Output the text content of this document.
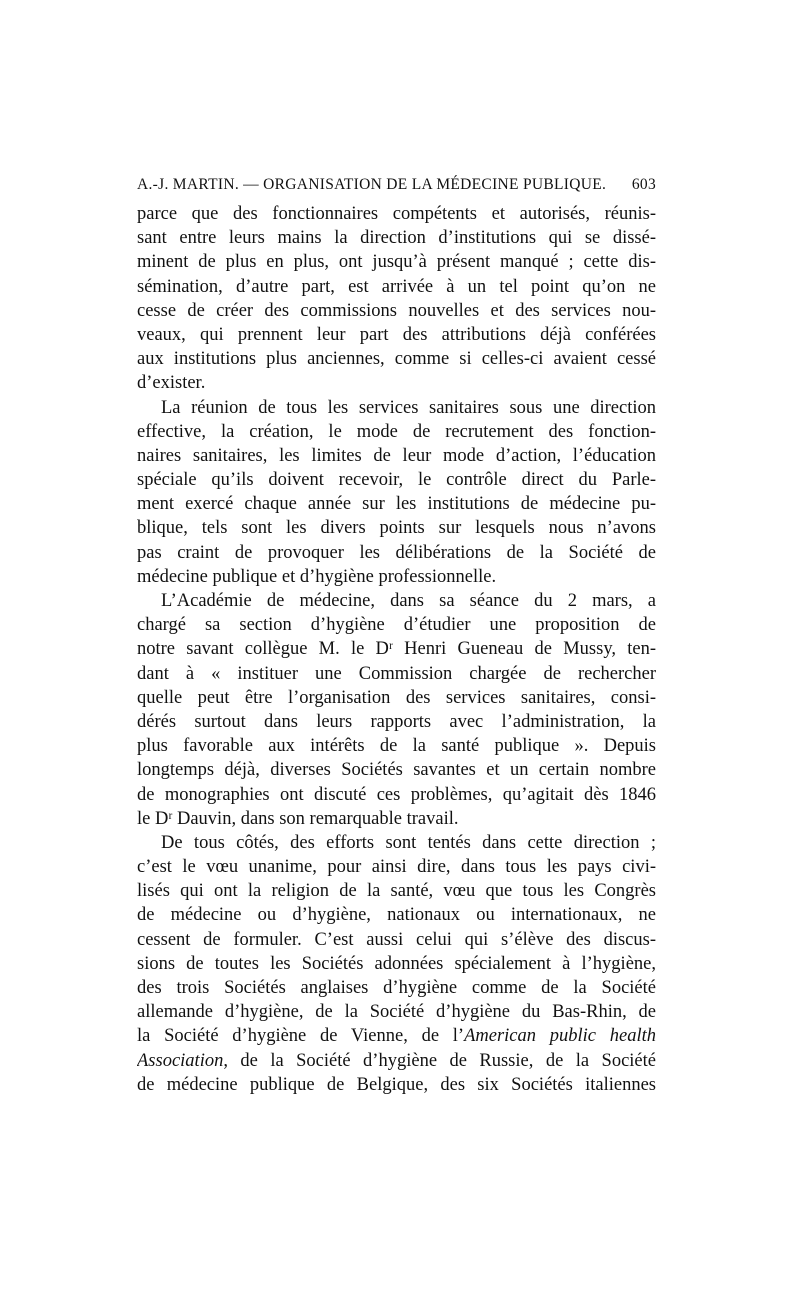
A.-J. MARTIN. — ORGANISATION DE LA MÉDECINE PUBLIQUE. 603
parce que des fonctionnaires compétents et autorisés, réunis-
sant entre leurs mains la direction d’institutions qui se dissé-
minent de plus en plus, ont jusqu’à présent manqué ; cette dis-
sémination, d’autre part, est arrivée à un tel point qu’on ne
cesse de créer des commissions nouvelles et des services nou-
veaux, qui prennent leur part des attributions déjà conférées
aux institutions plus anciennes, comme si celles-ci avaient cessé
d’exister.
La réunion de tous les services sanitaires sous une direction
effective, la création, le mode de recrutement des fonction-
naires sanitaires, les limites de leur mode d’action, l’éducation
spéciale qu’ils doivent recevoir, le contrôle direct du Parle-
ment exercé chaque année sur les institutions de médecine pu-
blique, tels sont les divers points sur lesquels nous n’avons
pas craint de provoquer les délibérations de la Société de
médecine publique et d’hygiène professionnelle.
L’Académie de médecine, dans sa séance du 2 mars, a
chargé sa section d’hygiène d’étudier une proposition de
notre savant collègue M. le Dʳ Henri Gueneau de Mussy, ten-
dant à « instituer une Commission chargée de rechercher
quelle peut être l’organisation des services sanitaires, consi-
dérés surtout dans leurs rapports avec l’administration, la
plus favorable aux intérêts de la santé publique ». Depuis
longtemps déjà, diverses Sociétés savantes et un certain nombre
de monographies ont discuté ces problèmes, qu’agitait dès 1846
le Dʳ Dauvin, dans son remarquable travail.
De tous côtés, des efforts sont tentés dans cette direction ;
c’est le vœu unanime, pour ainsi dire, dans tous les pays civi-
lisés qui ont la religion de la santé, vœu que tous les Congrès
de médecine ou d’hygiène, nationaux ou internationaux, ne
cessent de formuler. C’est aussi celui qui s’élève des discus-
sions de toutes les Sociétés adonnées spécialement à l’hygiène,
des trois Sociétés anglaises d’hygiène comme de la Société
allemande d’hygiène, de la Société d’hygiène du Bas-Rhin, de
la Société d’hygiène de Vienne, de l’American public health
Association, de la Société d’hygiène de Russie, de la Société
de médecine publique de Belgique, des six Sociétés italiennes
